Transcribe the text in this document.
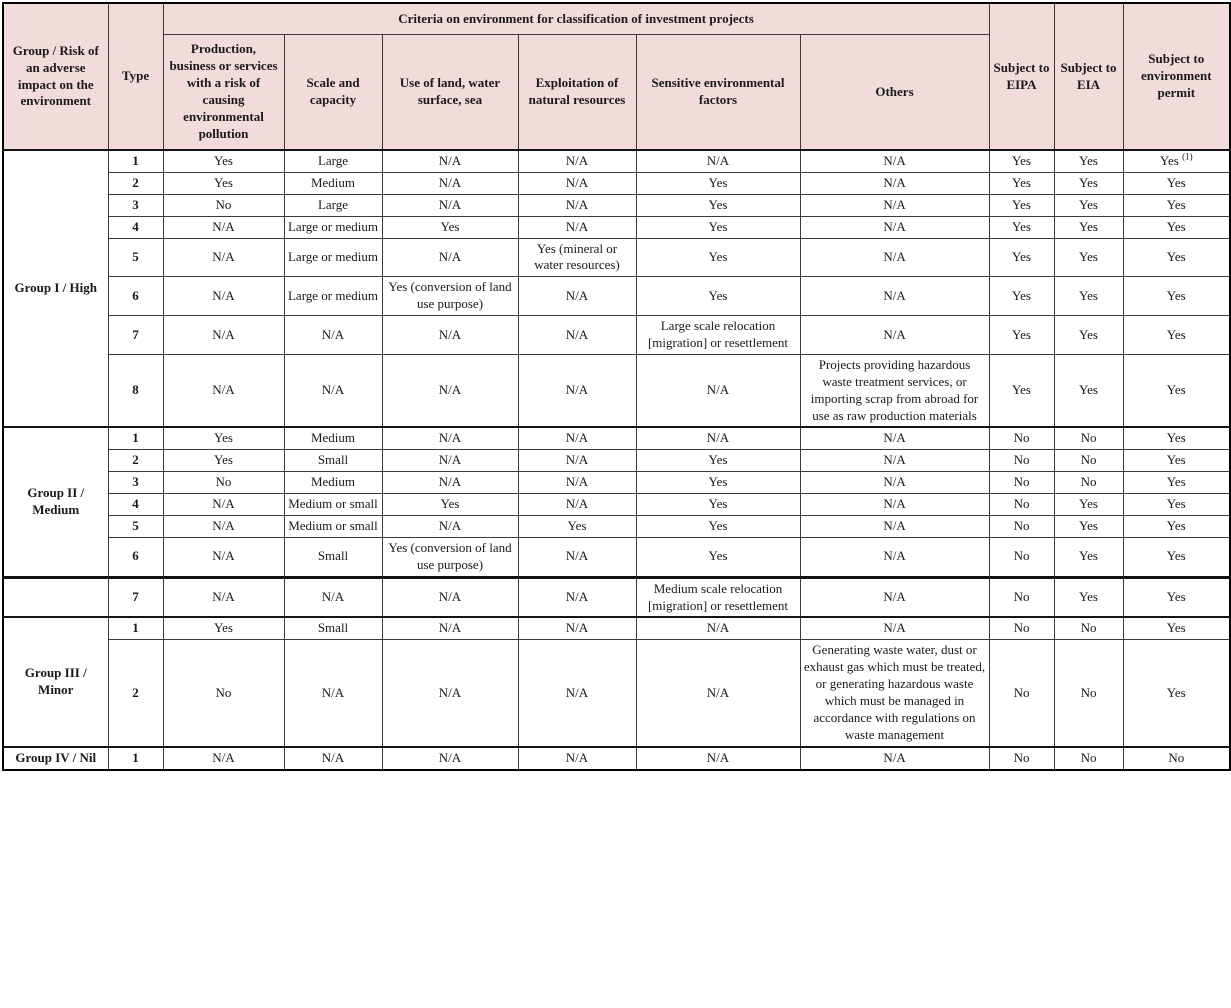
Group / Risk of an adverse impact on the environment	Type	Criteria on environment for classification of investment projects						Subject to EIPA	Subject to EIA	Subject to environment permit
		Production, business or services with a risk of causing environmental pollution	Scale and capacity	Use of land, water surface, sea	Exploitation of natural resources	Sensitive environmental factors	Others			
Group I / High	1	Yes	Large	N/A	N/A	N/A	N/A	Yes	Yes	Yes $^{(1)}$
	2	Yes	Medium	N/A	N/A	Yes	N/A	Yes	Yes	Yes
	3	No	Large	N/A	N/A	Yes	N/A	Yes	Yes	Yes
	4	N/A	Large or medium	Yes	N/A	Yes	N/A	Yes	Yes	Yes
	5	N/A	Large or medium	N/A	Yes (mineral or water resources)	Yes	N/A	Yes	Yes	Yes
	6	N/A	Large or medium	Yes (conversion of land use purpose)	N/A	Yes	N/A	Yes	Yes	Yes
	7	N/A	N/A	N/A	N/A	Large scale relocation [migration] or resettlement	N/A	Yes	Yes	Yes
	8	N/A	N/A	N/A	N/A	N/A	Projects providing hazardous waste treatment services, or importing scrap from abroad for use as raw production materials	Yes	Yes	Yes
Group II / Medium	1	Yes	Medium	N/A	N/A	N/A	N/A	No	No	Yes
	2	Yes	Small	N/A	N/A	Yes	N/A	No	No	Yes
	3	No	Medium	N/A	N/A	Yes	N/A	No	No	Yes
	4	N/A	Medium or small	Yes	N/A	Yes	N/A	No	Yes	Yes
	5	N/A	Medium or small	N/A	Yes	Yes	N/A	No	Yes	Yes
	6	N/A	Small	Yes (conversion of land use purpose)	N/A	Yes	N/A	No	Yes	Yes
	7	N/A	N/A	N/A	N/A	Medium scale relocation [migration] or resettlement	N/A	No	Yes	Yes
Group III / Minor	1	Yes	Small	N/A	N/A	N/A	N/A	No	No	Yes
	2	No	N/A	N/A	N/A	N/A	Generating waste water, dust or exhaust gas which must be treated, or generating hazardous waste which must be managed in accordance with regulations on waste management	No	No	Yes
Group IV / Nil	1	N/A	N/A	N/A	N/A	N/A	N/A	No	No	No
